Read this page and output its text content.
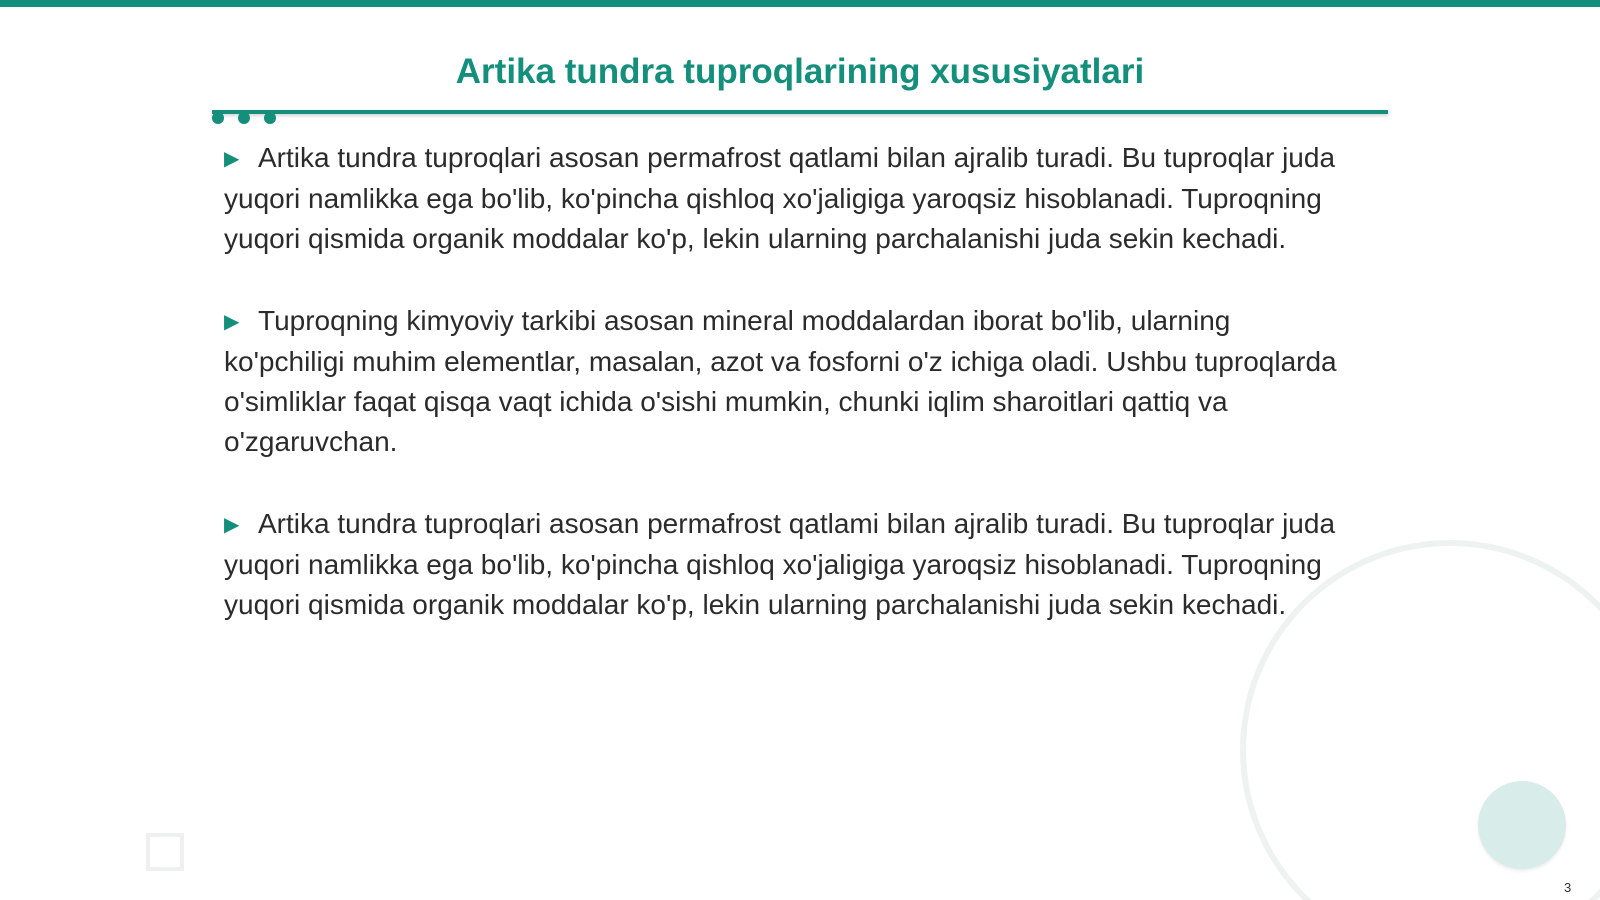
Artika tundra tuproqlarining xususiyatlari

▶ Artika tundra tuproqlari asosan permafrost qatlami bilan ajralib turadi. Bu tuproqlar juda yuqori namlikka ega bo'lib, ko'pincha qishloq xo'jaligiga yaroqsiz hisoblanadi. Tuproqning yuqori qismida organik moddalar ko'p, lekin ularning parchalanishi juda sekin kechadi.

▶ Tuproqning kimyoviy tarkibi asosan mineral moddalardan iborat bo'lib, ularning ko'pchiligi muhim elementlar, masalan, azot va fosforni o'z ichiga oladi. Ushbu tuproqlarda o'simliklar faqat qisqa vaqt ichida o'sishi mumkin, chunki iqlim sharoitlari qattiq va o'zgaruvchan.

▶ Artika tundra tuproqlari asosan permafrost qatlami bilan ajralib turadi. Bu tuproqlar juda yuqori namlikka ega bo'lib, ko'pincha qishloq xo'jaligiga yaroqsiz hisoblanadi. Tuproqning yuqori qismida organik moddalar ko'p, lekin ularning parchalanishi juda sekin kechadi.

3
